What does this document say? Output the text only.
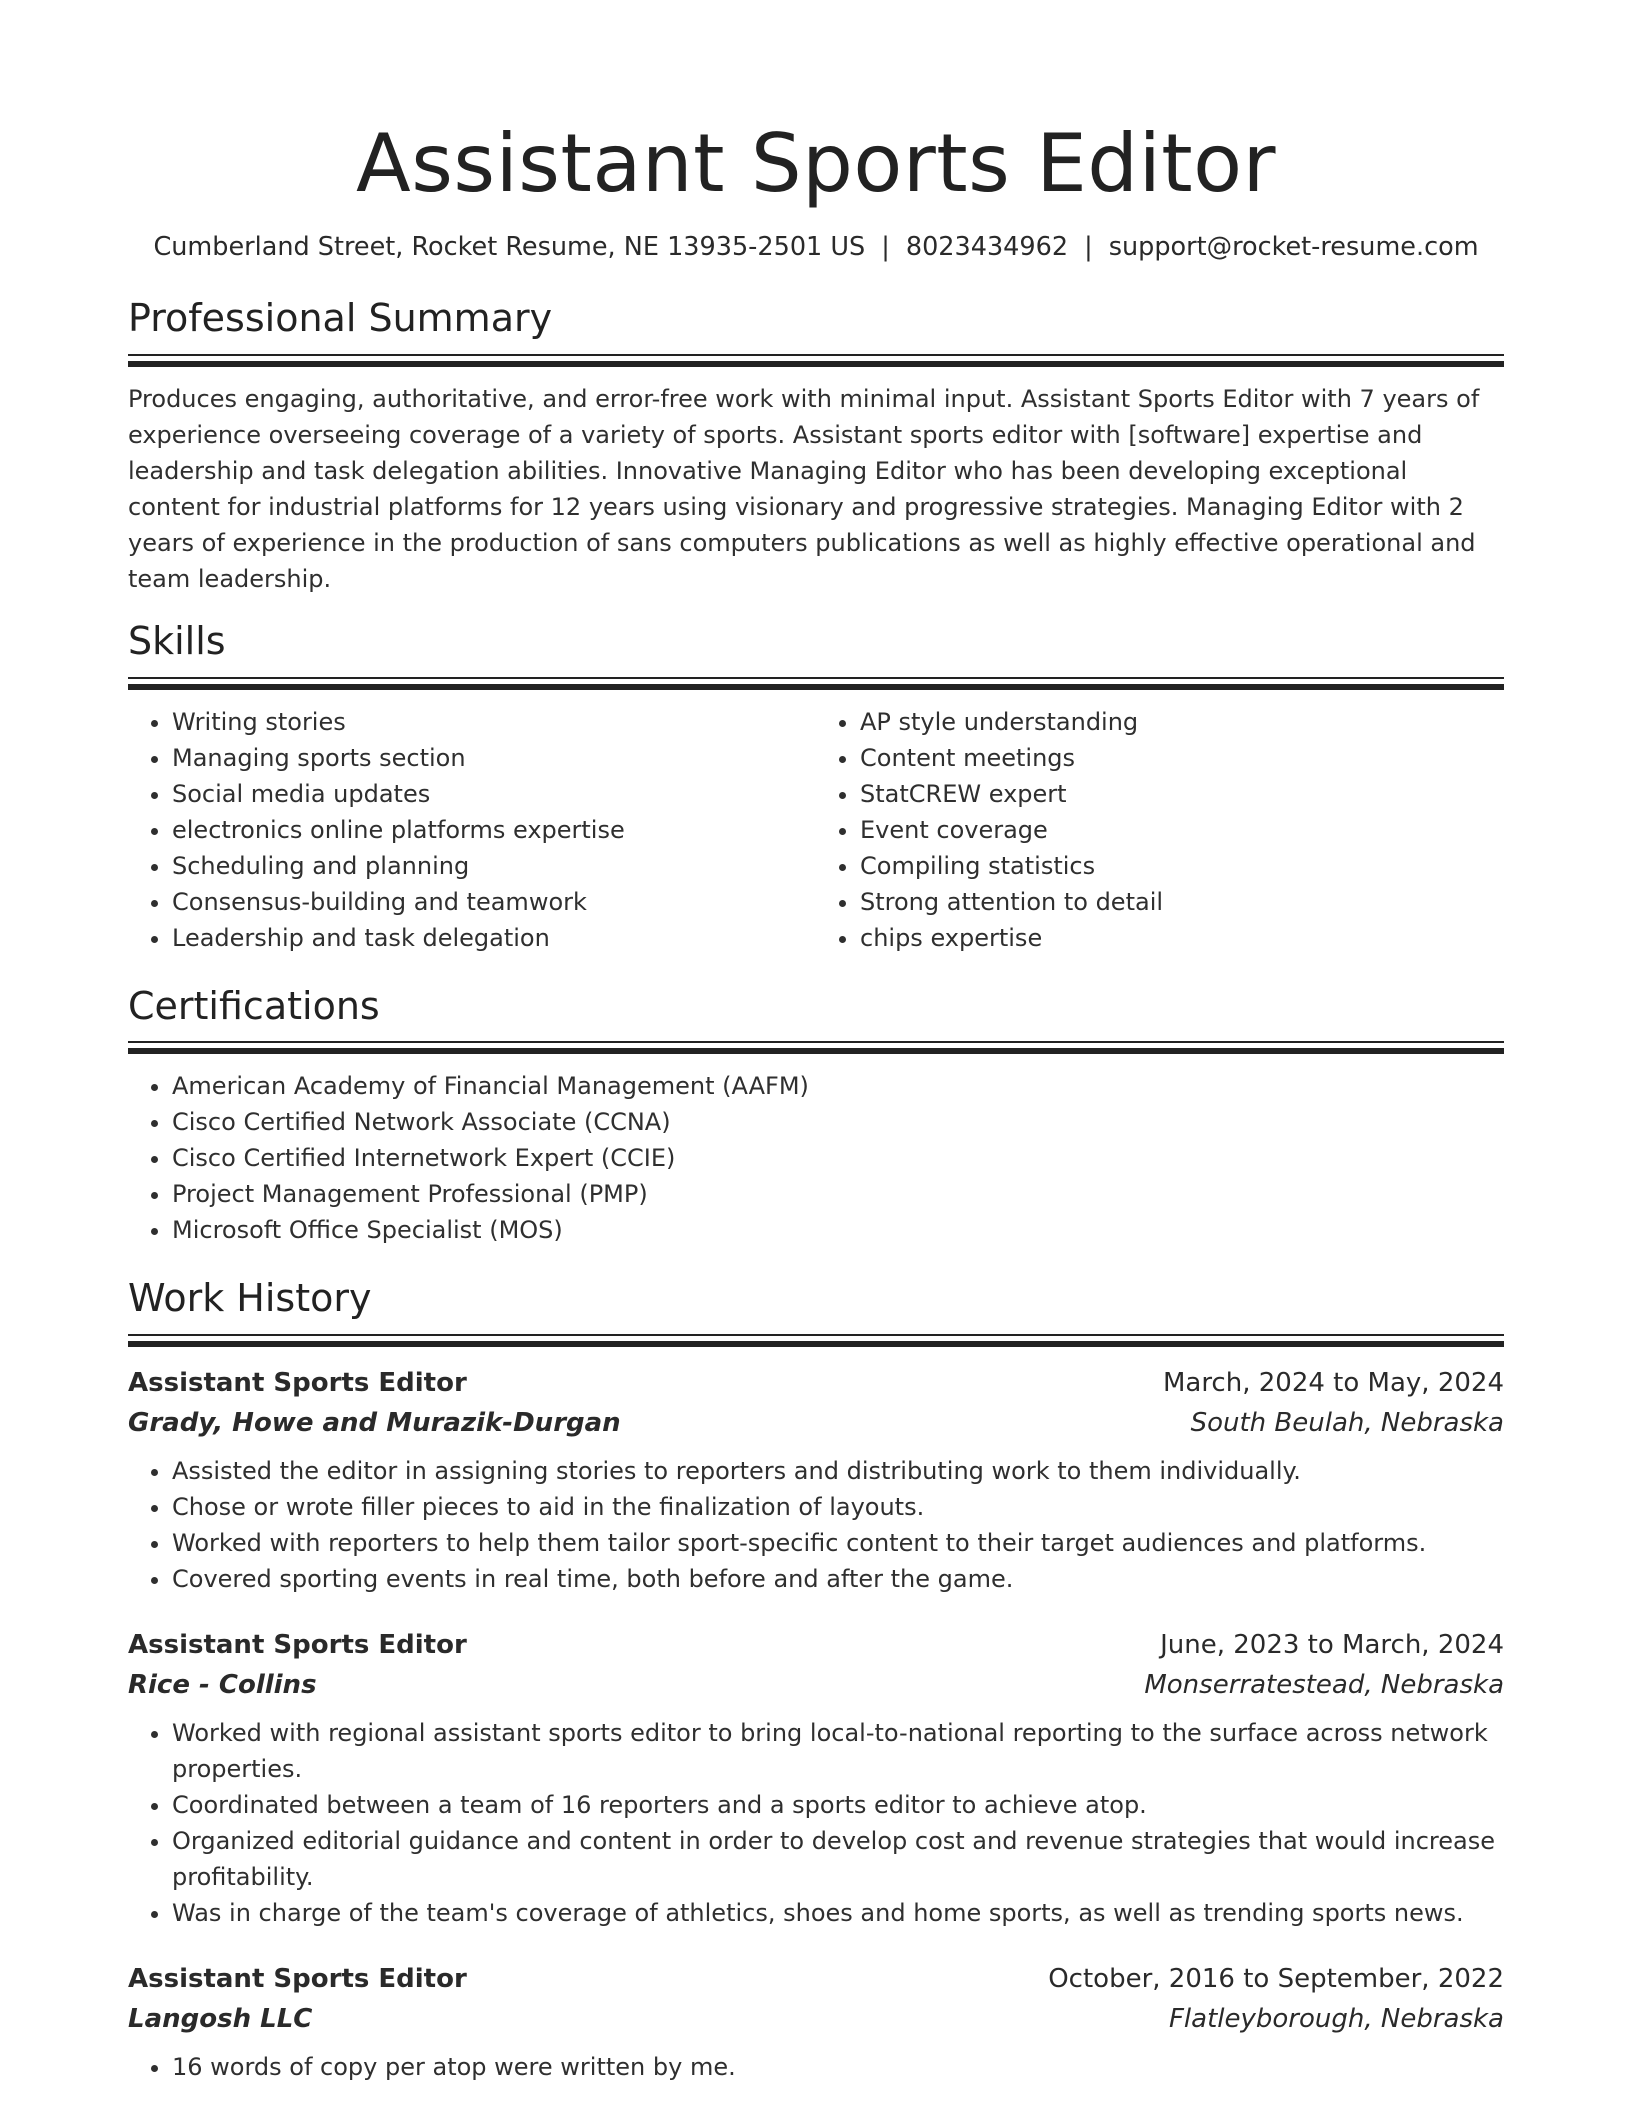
Assistant Sports Editor
Cumberland Street, Rocket Resume, NE 13935-2501 US | 8023434962 | support@rocket-resume.com
Professional Summary

Produces engaging, authoritative, and error-free work with minimal input. Assistant Sports Editor with 7 years of experience overseeing coverage of a variety of sports. Assistant sports editor with [software] expertise and leadership and task delegation abilities. Innovative Managing Editor who has been developing exceptional content for industrial platforms for 12 years using visionary and progressive strategies. Managing Editor with 2 years of experience in the production of sans computers publications as well as highly effective operational and team leadership.

Skills
• Writing stories
• Managing sports section
• Social media updates
• electronics online platforms expertise
• Scheduling and planning
• Consensus-building and teamwork
• Leadership and task delegation
• AP style understanding
• Content meetings
• StatCREW expert
• Event coverage
• Compiling statistics
• Strong attention to detail
• chips expertise
Certifications
• American Academy of Financial Management (AAFM)
• Cisco Certified Network Associate (CCNA)
• Cisco Certified Internetwork Expert (CCIE)
• Project Management Professional (PMP)
• Microsoft Office Specialist (MOS)
Work History
Assistant Sports Editor	March, 2024 to May, 2024
Grady, Howe and Murazik-Durgan	South Beulah, Nebraska
• Assisted the editor in assigning stories to reporters and distributing work to them individually.
• Chose or wrote filler pieces to aid in the finalization of layouts.
• Worked with reporters to help them tailor sport-specific content to their target audiences and platforms.
• Covered sporting events in real time, both before and after the game.
Assistant Sports Editor	June, 2023 to March, 2024
Rice - Collins	Monserratestead, Nebraska
• Worked with regional assistant sports editor to bring local-to-national reporting to the surface across network properties.
• Coordinated between a team of 16 reporters and a sports editor to achieve atop.
• Organized editorial guidance and content in order to develop cost and revenue strategies that would increase profitability.
• Was in charge of the team's coverage of athletics, shoes and home sports, as well as trending sports news.
Assistant Sports Editor	October, 2016 to September, 2022
Langosh LLC	Flatleyborough, Nebraska
• 16 words of copy per atop were written by me.
